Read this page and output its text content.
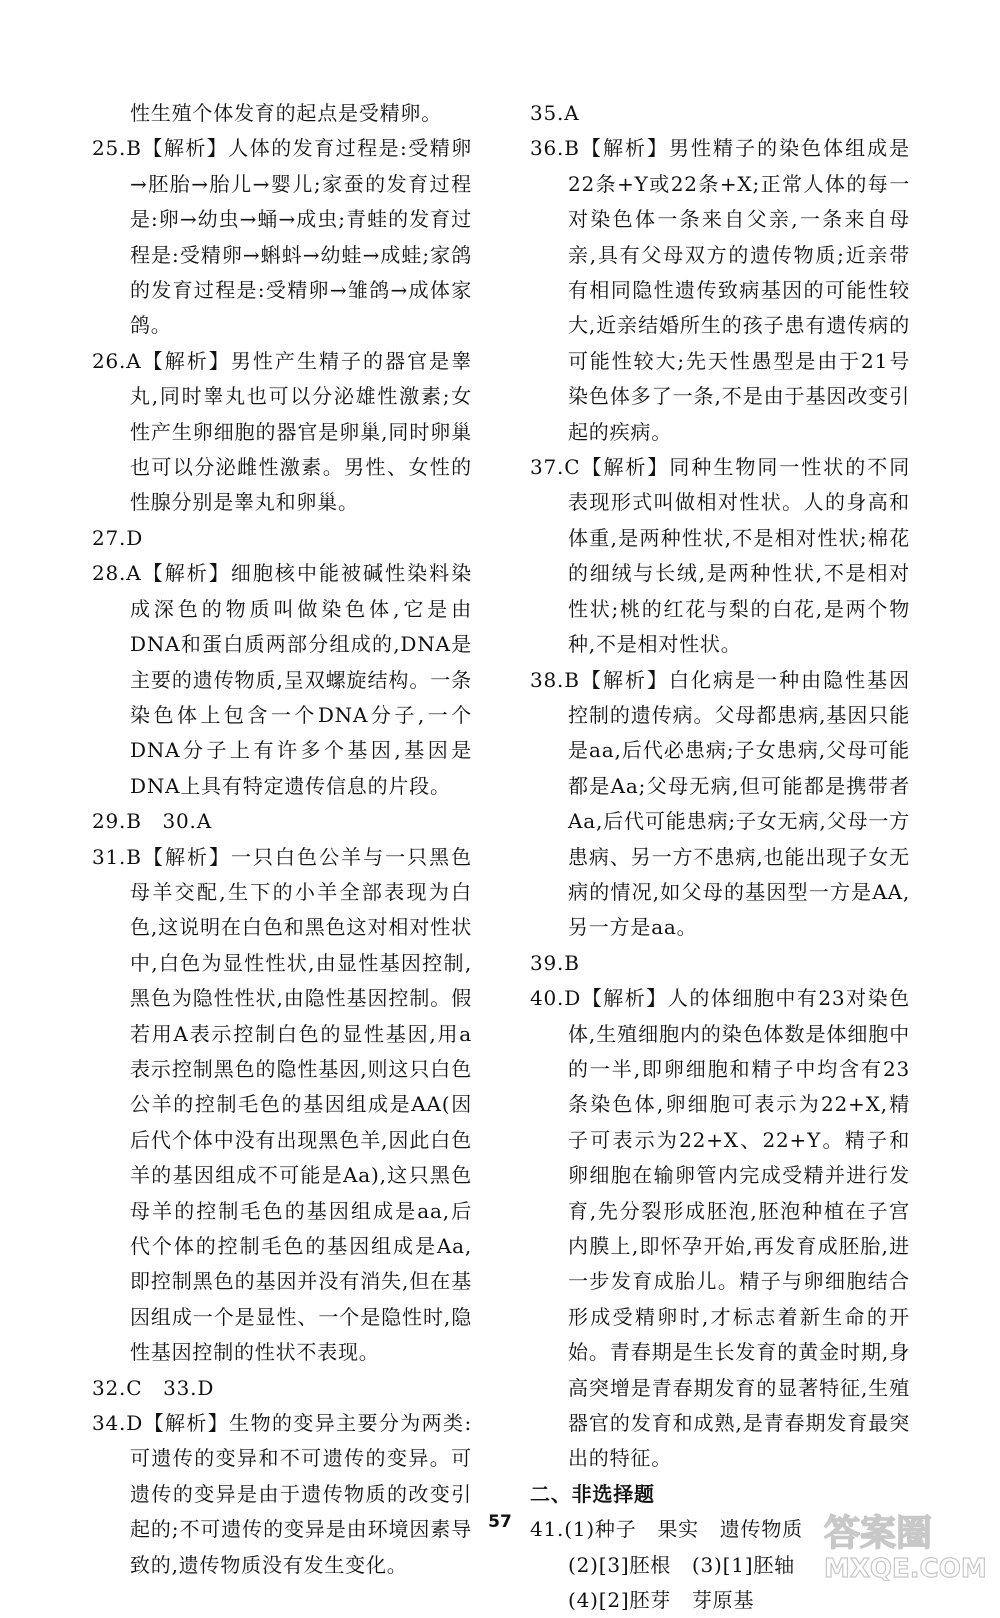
性生殖个体发育的起点是受精卵。

25.B【解析】人体的发育过程是:受精卵→胚胎→胎儿→婴儿;家蚕的发育过程是:卵→幼虫→蛹→成虫;青蛙的发育过程是:受精卵→蝌蚪→幼蛙→成蛙;家鸽的发育过程是:受精卵→雏鸽→成体家鸽。

26.A【解析】男性产生精子的器官是睾丸,同时睾丸也可以分泌雄性激素;女性产生卵细胞的器官是卵巢,同时卵巢也可以分泌雌性激素。男性、女性的性腺分别是睾丸和卵巢。

27.D

28.A【解析】细胞核中能被碱性染料染成深色的物质叫做染色体,它是由DNA和蛋白质两部分组成的,DNA是主要的遗传物质,呈双螺旋结构。一条染色体上包含一个DNA分子,一个DNA分子上有许多个基因,基因是DNA上具有特定遗传信息的片段。

29.B　30.A

31.B【解析】一只白色公羊与一只黑色母羊交配,生下的小羊全部表现为白色,这说明在白色和黑色这对相对性状中,白色为显性性状,由显性基因控制,黑色为隐性性状,由隐性基因控制。假若用A表示控制白色的显性基因,用a表示控制黑色的隐性基因,则这只白色公羊的控制毛色的基因组成是AA(因后代个体中没有出现黑色羊,因此白色羊的基因组成不可能是Aa),这只黑色母羊的控制毛色的基因组成是aa,后代个体的控制毛色的基因组成是Aa,即控制黑色的基因并没有消失,但在基因组成一个是显性、一个是隐性时,隐性基因控制的性状不表现。

32.C　33.D

34.D【解析】生物的变异主要分为两类:可遗传的变异和不可遗传的变异。可遗传的变异是由于遗传物质的改变引起的;不可遗传的变异是由环境因素导致的,遗传物质没有发生变化。

35.A

36.B【解析】男性精子的染色体组成是22条+Y或22条+X;正常人体的每一对染色体一条来自父亲,一条来自母亲,具有父母双方的遗传物质;近亲带有相同隐性遗传致病基因的可能性较大,近亲结婚所生的孩子患有遗传病的可能性较大;先天性愚型是由于21号染色体多了一条,不是由于基因改变引起的疾病。

37.C【解析】同种生物同一性状的不同表现形式叫做相对性状。人的身高和体重,是两种性状,不是相对性状;棉花的细绒与长绒,是两种性状,不是相对性状;桃的红花与梨的白花,是两个物种,不是相对性状。

38.B【解析】白化病是一种由隐性基因控制的遗传病。父母都患病,基因只能是aa,后代必患病;子女患病,父母可能都是Aa;父母无病,但可能都是携带者Aa,后代可能患病;子女无病,父母一方患病、另一方不患病,也能出现子女无病的情况,如父母的基因型一方是AA,另一方是aa。

39.B

40.D【解析】人的体细胞中有23对染色体,生殖细胞内的染色体数是体细胞中的一半,即卵细胞和精子中均含有23条染色体,卵细胞可表示为22+X,精子可表示为22+X、22+Y。精子和卵细胞在输卵管内完成受精并进行发育,先分裂形成胚泡,胚泡种植在子宫内膜上,即怀孕开始,再发育成胚胎,进一步发育成胎儿。精子与卵细胞结合形成受精卵时,才标志着新生命的开始。青春期是生长发育的黄金时期,身高突增是青春期发育的显著特征,生殖器官的发育和成熟,是青春期发育最突出的特征。

二、非选择题

41.(1)种子　果实　遗传物质

(2)[3]胚根　(3)[1]胚轴

(4)[2]胚芽　芽原基

57	答案圈
MXQE.COM
